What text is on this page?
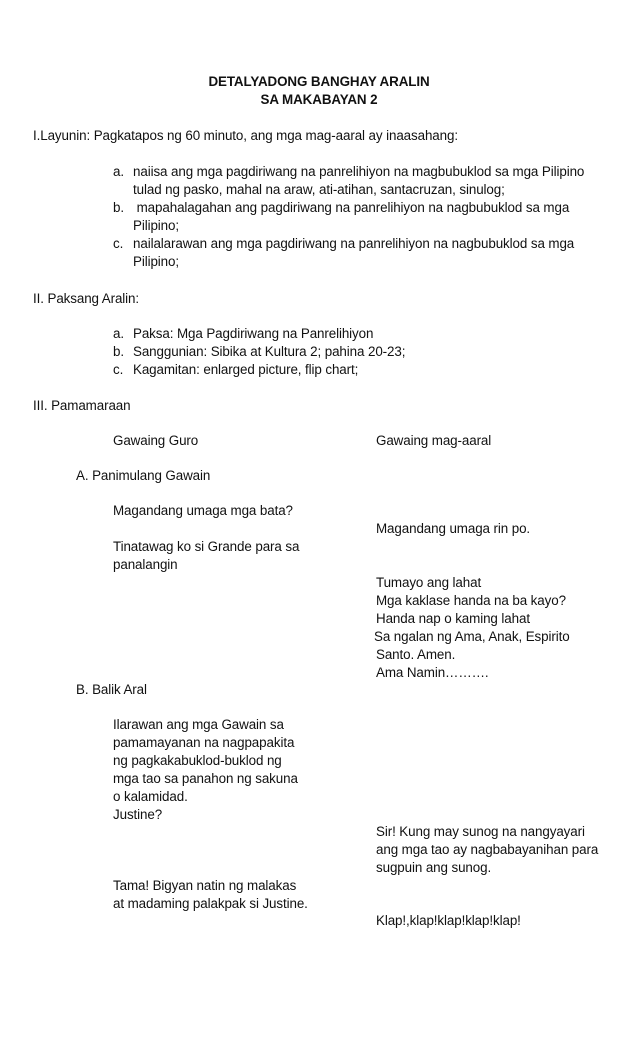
DETALYADONG BANGHAY ARALIN
SA MAKABAYAN 2
I.Layunin: Pagkatapos ng 60 minuto, ang mga mag-aaral ay inaasahang:
a. naiisa ang mga pagdiriwang na panrelihiyon na magbubuklod sa mga Pilipino
tulad ng pasko, mahal na araw, ati-atihan, santacruzan, sinulog;
b. mapahalagahan ang pagdiriwang na panrelihiyon na nagbubuklod sa mga
Pilipino;
c. nailalarawan ang mga pagdiriwang na panrelihiyon na nagbubuklod sa mga
Pilipino;
II. Paksang Aralin:
a. Paksa: Mga Pagdiriwang na Panrelihiyon
b. Sanggunian: Sibika at Kultura 2; pahina 20-23;
c. Kagamitan: enlarged picture, flip chart;
III. Pamamaraan
Gawaing Guro	Gawaing mag-aaral
A. Panimulang Gawain
Magandang umaga mga bata?
Magandang umaga rin po.
Tinatawag ko si Grande para sa
panalangin
Tumayo ang lahat
Mga kaklase handa na ba kayo?
Handa nap o kaming lahat
Sa ngalan ng Ama, Anak, Espirito
Santo. Amen.
Ama Namin……….
B. Balik Aral
Ilarawan ang mga Gawain sa
pamamayanan na nagpapakita
ng pagkakabuklod-buklod ng
mga tao sa panahon ng sakuna
o kalamidad.
Justine?
Sir! Kung may sunog na nangyayari
ang mga tao ay nagbabayanihan para
sugpuin ang sunog.
Tama! Bigyan natin ng malakas
at madaming palakpak si Justine.
Klap!,klap!klap!klap!klap!
